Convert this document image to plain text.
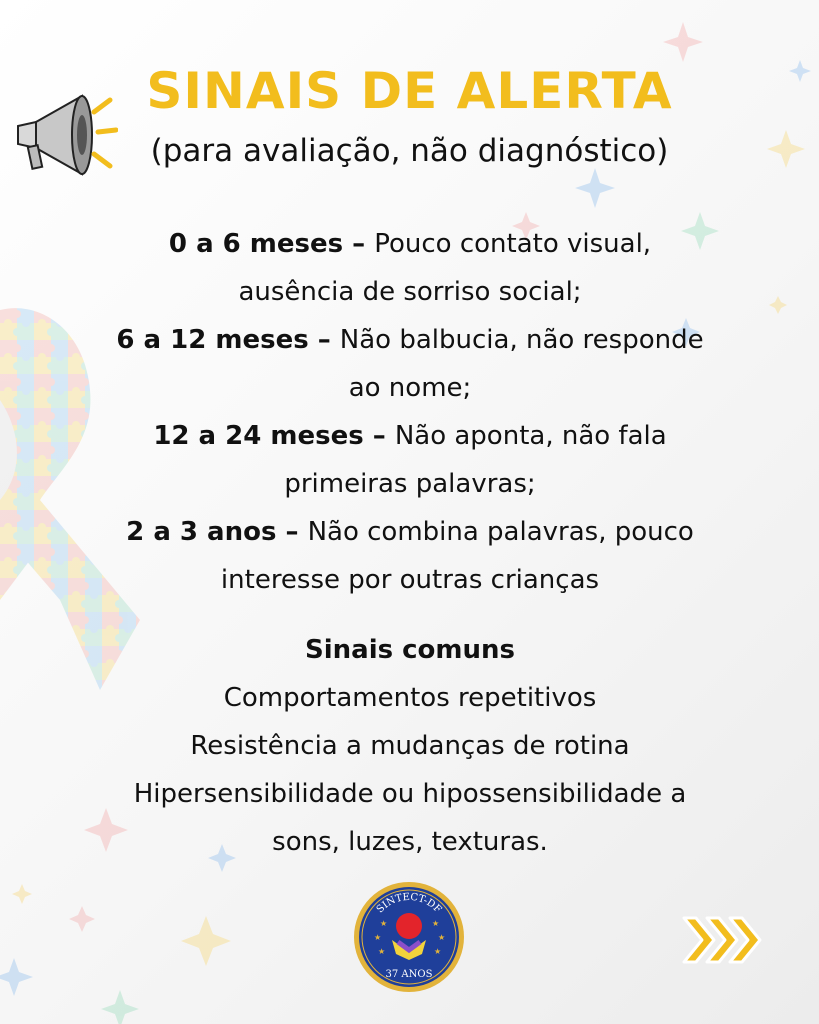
SINAIS DE ALERTA

(para avaliação, não diagnóstico)

0 a 6 meses – Pouco contato visual,
ausência de sorriso social;
6 a 12 meses – Não balbucia, não responde
ao nome;
12 a 24 meses – Não aponta, não fala
primeiras palavras;
2 a 3 anos – Não combina palavras, pouco
interesse por outras crianças
Sinais comuns
Comportamentos repetitivos
Resistência a mudanças de rotina
Hipersensibilidade ou hipossensibilidade a
sons, luzes, texturas.
SINTECT-DF
★	★
★	★
★	★
37 ANOS
